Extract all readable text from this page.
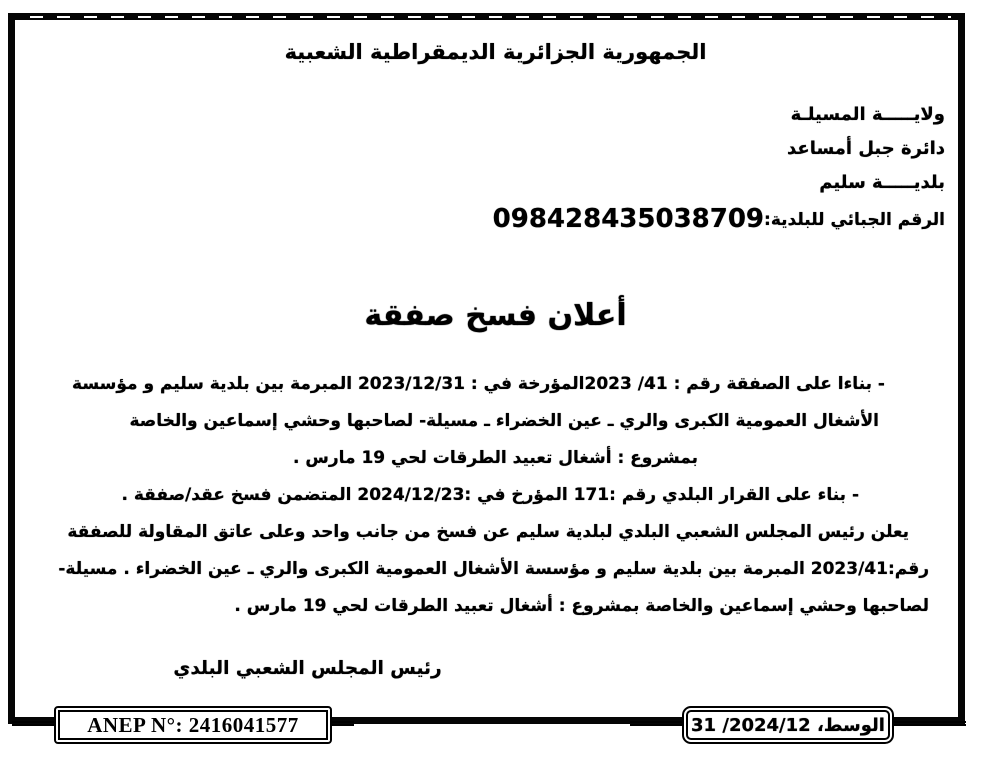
الجمهورية الجزائرية الديمقراطية الشعبية
ولايـــــة المسيلـة
دائرة جبل أمساعد
بلديـــــة سليم
الرقم الجبائي للبلدية:098428435038709
أعلان فسخ صفقة
- بناءا على الصفقة رقم : 41/ 2023المؤرخة في : 2023/12/31 المبرمة بين بلدية سليم و مؤسسة
الأشغال العمومية الكبرى والري ـ عين الخضراء ـ مسيلة- لصاحبها وحشي إسماعين والخاصة
بمشروع : أشغال تعبيد الطرقات لحي 19 مارس .
- بناء على القرار البلدي رقم :171 المؤرخ في :2024/12/23 المتضمن فسخ عقد/صفقة .
يعلن رئيس المجلس الشعبي البلدي لبلدية سليم عن فسخ من جانب واحد وعلى عاتق المقاولة للصفقة
رقم:2023/41 المبرمة بين بلدية سليم و مؤسسة الأشغال العمومية الكبرى والري ـ عين الخضراء . مسيلة-
لصاحبها وحشي إسماعين والخاصة بمشروع : أشغال تعبيد الطرقات لحي 19 مارس .
رئيس المجلس الشعبي البلدي
ANEP N°: 2416041577	الوسط، 2024/12/ 31
